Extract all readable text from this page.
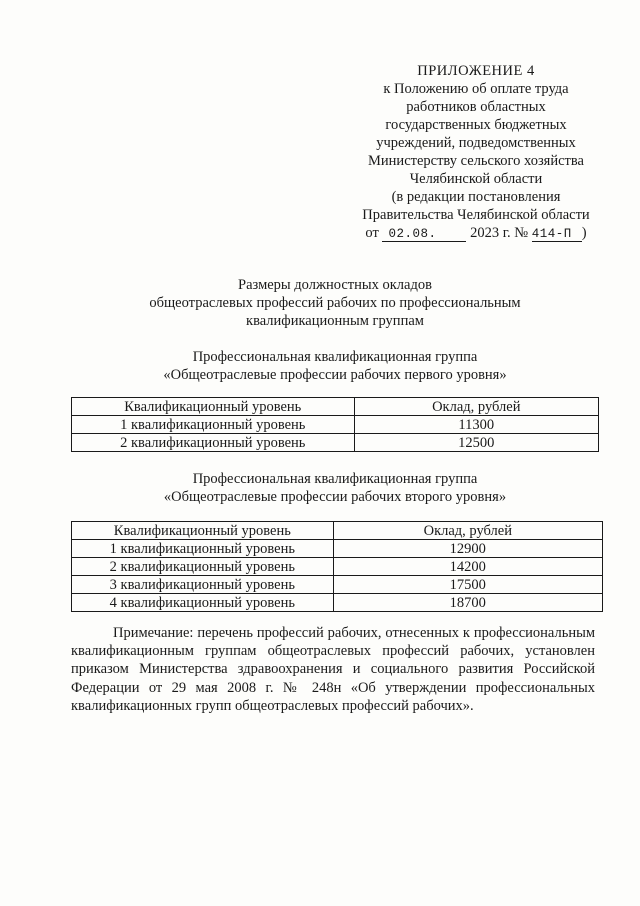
ПРИЛОЖЕНИЕ 4
к Положению об оплате труда
работников областных
государственных бюджетных
учреждений, подведомственных
Министерству сельского хозяйства
Челябинской области
(в редакции постановления
Правительства Челябинской области
от 02.08. 2023 г. № 414-П )
Размеры должностных окладов
общеотраслевых профессий рабочих по профессиональным
квалификационным группам
Профессиональная квалификационная группа
«Общеотраслевые профессии рабочих первого уровня»
Квалификационный уровень	Оклад, рублей
1 квалификационный уровень	11300
2 квалификационный уровень	12500
Профессиональная квалификационная группа
«Общеотраслевые профессии рабочих второго уровня»
Квалификационный уровень	Оклад, рублей
1 квалификационный уровень	12900
2 квалификационный уровень	14200
3 квалификационный уровень	17500
4 квалификационный уровень	18700

Примечание: перечень профессий рабочих, отнесенных к профессиональным квалификационным группам общеотраслевых профессий рабочих, установлен приказом Министерства здравоохранения и социального развития Российской Федерации от 29 мая 2008 г. № 248н «Об утверждении профессиональных квалификационных групп общеотраслевых профессий рабочих».
